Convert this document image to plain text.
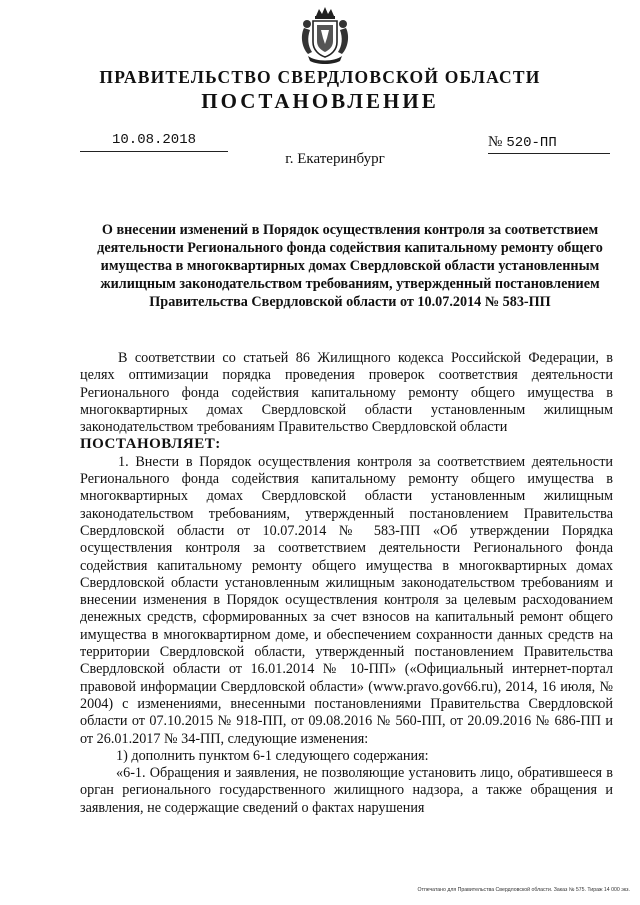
ПРАВИТЕЛЬСТВО СВЕРДЛОВСКОЙ ОБЛАСТИ
ПОСТАНОВЛЕНИЕ
10.08.2018	№ 520-ПП
г. Екатеринбург
О внесении изменений в Порядок осуществления контроля за соответствием деятельности Регионального фонда содействия капитальному ремонту общего имущества в многоквартирных домах Свердловской области установленным жилищным законодательством требованиям, утвержденный постановлением Правительства Свердловской области от 10.07.2014 № 583-ПП

В соответствии со статьей 86 Жилищного кодекса Российской Федерации, в целях оптимизации порядка проведения проверок соответствия деятельности Регионального фонда содействия капитальному ремонту общего имущества в многоквартирных домах Свердловской области установленным жилищным законодательством требованиям Правительство Свердловской области

ПОСТАНОВЛЯЕТ:

1. Внести в Порядок осуществления контроля за соответствием деятельности Регионального фонда содействия капитальному ремонту общего имущества в многоквартирных домах Свердловской области установленным жилищным законодательством требованиям, утвержденный постановлением Правительства Свердловской области от 10.07.2014 № 583-ПП «Об утверждении Порядка осуществления контроля за соответствием деятельности Регионального фонда содействия капитальному ремонту общего имущества в многоквартирных домах Свердловской области установленным жилищным законодательством требованиям и внесении изменения в Порядок осуществления контроля за целевым расходованием денежных средств, сформированных за счет взносов на капитальный ремонт общего имущества в многоквартирном доме, и обеспечением сохранности данных средств на территории Свердловской области, утвержденный постановлением Правительства Свердловской области от 16.01.2014 № 10-ПП» («Официальный интернет-портал правовой информации Свердловской области» (www.pravo.gov66.ru), 2014, 16 июля, № 2004) с изменениями, внесенными постановлениями Правительства Свердловской области от 07.10.2015 № 918-ПП, от 09.08.2016 № 560-ПП, от 20.09.2016 № 686-ПП и от 26.01.2017 № 34-ПП, следующие изменения:

1) дополнить пунктом 6-1 следующего содержания:

«6-1. Обращения и заявления, не позволяющие установить лицо, обратившееся в орган регионального государственного жилищного надзора, а также обращения и заявления, не содержащие сведений о фактах нарушения

Отпечатано для Правительства Свердловской области. Заказ № 575. Тираж 14 000 экз.
